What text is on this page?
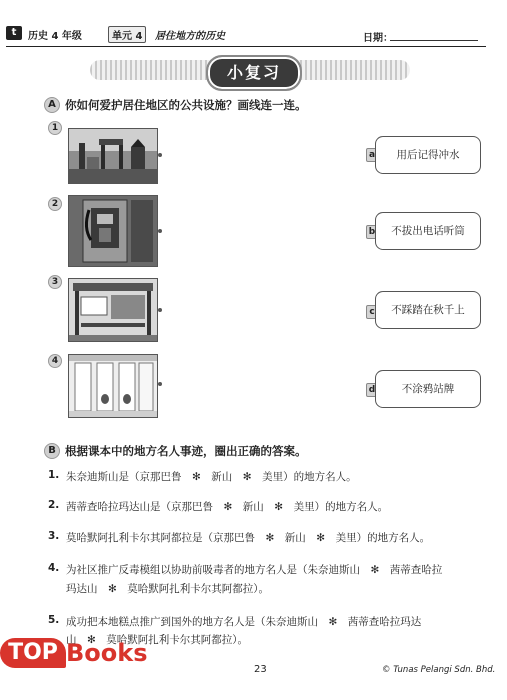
t	历史 4 年级	单元 4	居住地方的历史	日期：
小复习
A 你如何爱护居住地区的公共设施？画线连一连。
1
2
3
4
a	用后记得冲水
b	不拔出电话听筒
c	不踩踏在秋千上
d	不涂鸦站牌
B 根据课本中的地方名人事迹，圈出正确的答案。
1. 朱奈迪斯山是（京那巴鲁　✻　新山　✻　美里）的地方名人。
2. 茜蒂查哈拉玛达山是（京那巴鲁　✻　新山　✻　美里）的地方名人。
3. 莫哈默阿扎利卡尔其阿都拉是（京那巴鲁　✻　新山　✻　美里）的地方名人。
4. 为社区推广反毒模组以协助前吸毒者的地方名人是（朱奈迪斯山　✻　茜蒂查哈拉
玛达山　✻　莫哈默阿扎利卡尔其阿都拉）。
5. 成功把本地糕点推广到国外的地方名人是（朱奈迪斯山　✻　茜蒂查哈拉玛达
山　✻　莫哈默阿扎利卡尔其阿都拉）。
23	© Tunas Pelangi Sdn. Bhd.
TOP Books
